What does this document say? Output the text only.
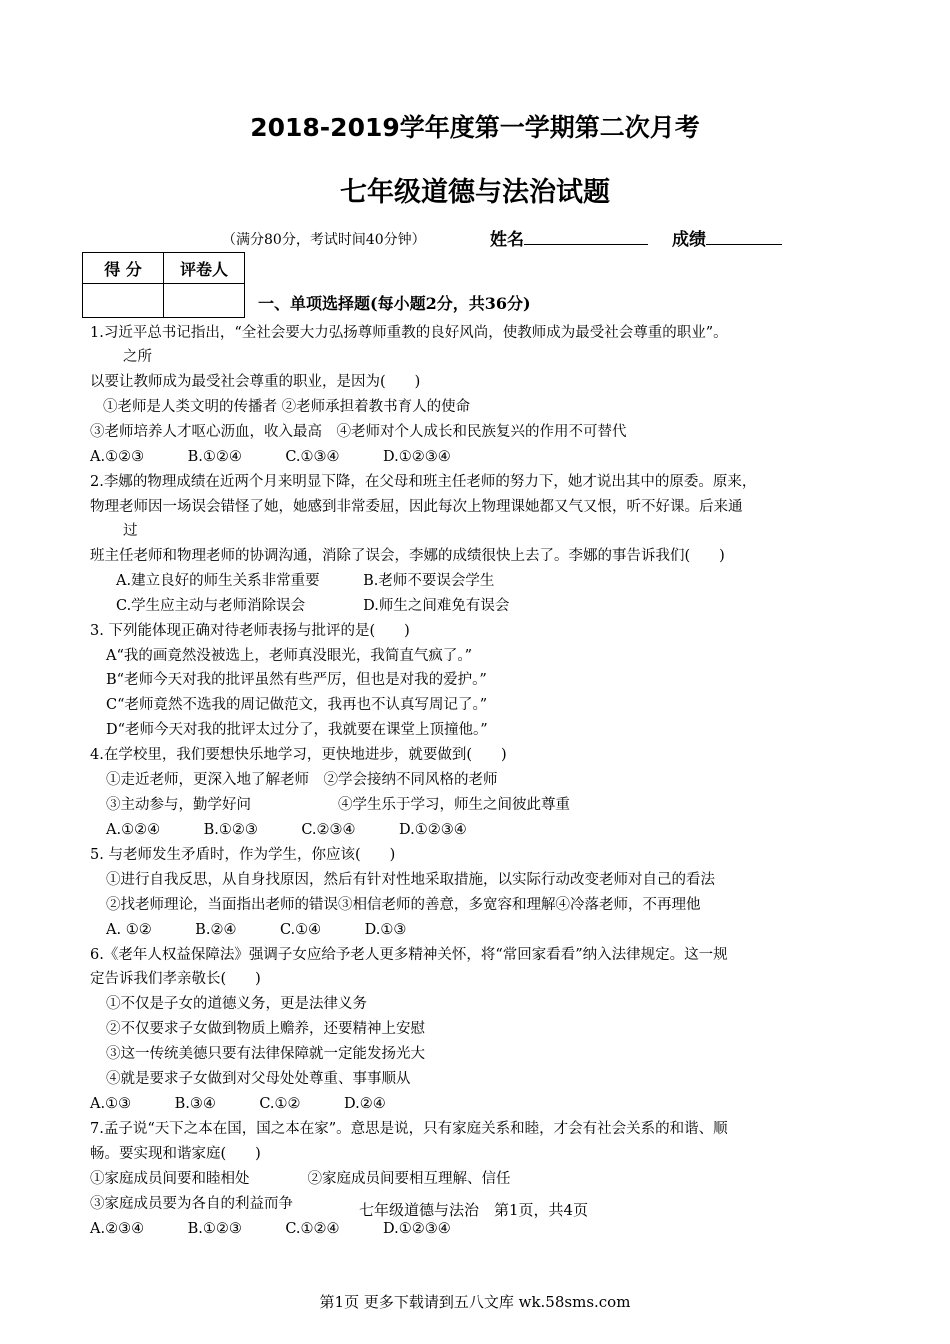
2018-2019学年度第一学期第二次月考
七年级道德与法治试题
（满分80分，考试时间40分钟）	姓名	成绩
得 分	评卷人

一、单项选择题(每小题2分，共36分)
1.习近平总书记指出，“全社会要大力弘扬尊师重教的良好风尚，使教师成为最受社会尊重的职业”。
之所
以要让教师成为最受社会尊重的职业，是因为(　　)
①老师是人类文明的传播者 ②老师承担着教书育人的使命
③老师培养人才呕心沥血，收入最高　④老师对个人成长和民族复兴的作用不可替代
A.①②③　　　B.①②④　　　C.①③④　　　D.①②③④
2.李娜的物理成绩在近两个月来明显下降，在父母和班主任老师的努力下，她才说出其中的原委。原来，
物理老师因一场误会错怪了她，她感到非常委屈，因此每次上物理课她都又气又恨，听不好课。后来通
过
班主任老师和物理老师的协调沟通，消除了误会，李娜的成绩很快上去了。李娜的事告诉我们(　　)
A.建立良好的师生关系非常重要　　　B.老师不要误会学生
C.学生应主动与老师消除误会　　　　D.师生之间难免有误会
3. 下列能体现正确对待老师表扬与批评的是(　　)
A“我的画竟然没被选上，老师真没眼光，我简直气疯了。”
B“老师今天对我的批评虽然有些严厉，但也是对我的爱护。”
C“老师竟然不选我的周记做范文，我再也不认真写周记了。”
D“老师今天对我的批评太过分了，我就要在课堂上顶撞他。”
4.在学校里，我们要想快乐地学习，更快地进步，就要做到(　　)
①走近老师，更深入地了解老师　②学会接纳不同风格的老师
③主动参与，勤学好问　　　　　　④学生乐于学习，师生之间彼此尊重
A.①②④　　　B.①②③　　　C.②③④　　　D.①②③④
5. 与老师发生矛盾时，作为学生，你应该(　　)
①进行自我反思，从自身找原因，然后有针对性地采取措施，以实际行动改变老师对自己的看法
②找老师理论，当面指出老师的错误③相信老师的善意，多宽容和理解④冷落老师，不再理他
A. ①②　　　B.②④　　　C.①④　　　D.①③
6.《老年人权益保障法》强调子女应给予老人更多精神关怀，将“常回家看看”纳入法律规定。这一规
定告诉我们孝亲敬长(　　)
①不仅是子女的道德义务，更是法律义务
②不仅要求子女做到物质上赡养，还要精神上安慰
③这一传统美德只要有法律保障就一定能发扬光大
④就是要求子女做到对父母处处尊重、事事顺从
A.①③　　　B.③④　　　C.①②　　　D.②④
7.孟子说“天下之本在国，国之本在家”。意思是说，只有家庭关系和睦，才会有社会关系的和谐、顺
畅。要实现和谐家庭(　　)
①家庭成员间要和睦相处　　　　②家庭成员间要相互理解、信任
③家庭成员要为各自的利益而争
A.②③④　　　B.①②③　　　C.①②④　　　D.①②③④
七年级道德与法治　第1页，共4页
第1页 更多下载请到五八文库 wk.58sms.com
